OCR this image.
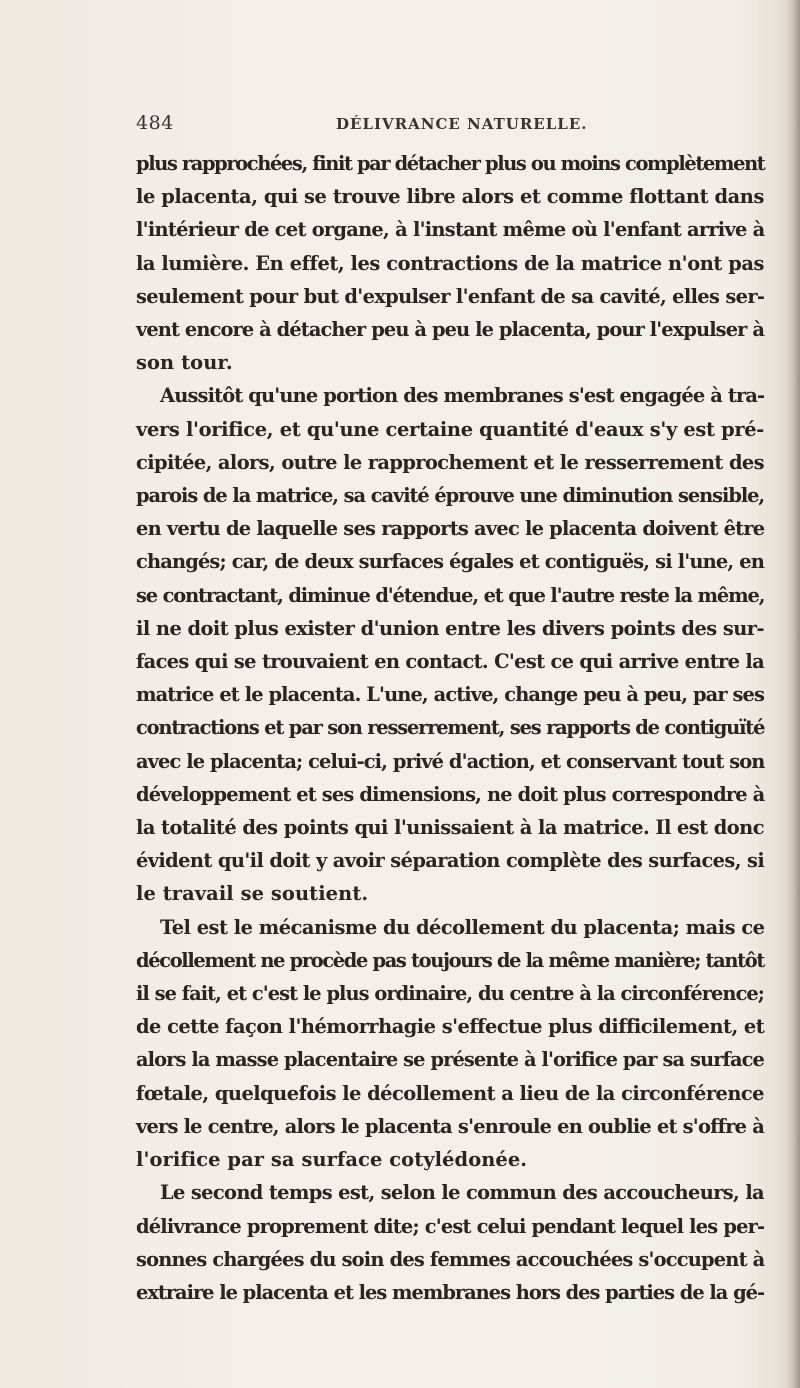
484	DÉLIVRANCE NATURELLE.
plus rapprochées, finit par détacher plus ou moins complètement
le placenta, qui se trouve libre alors et comme flottant dans
l'intérieur de cet organe, à l'instant même où l'enfant arrive à
la lumière. En effet, les contractions de la matrice n'ont pas
seulement pour but d'expulser l'enfant de sa cavité, elles ser-
vent encore à détacher peu à peu le placenta, pour l'expulser à
son tour.
Aussitôt qu'une portion des membranes s'est engagée à tra-
vers l'orifice, et qu'une certaine quantité d'eaux s'y est pré-
cipitée, alors, outre le rapprochement et le resserrement des
parois de la matrice, sa cavité éprouve une diminution sensible,
en vertu de laquelle ses rapports avec le placenta doivent être
changés; car, de deux surfaces égales et contiguës, si l'une, en
se contractant, diminue d'étendue, et que l'autre reste la même,
il ne doit plus exister d'union entre les divers points des sur-
faces qui se trouvaient en contact. C'est ce qui arrive entre la
matrice et le placenta. L'une, active, change peu à peu, par ses
contractions et par son resserrement, ses rapports de contiguïté
avec le placenta; celui-ci, privé d'action, et conservant tout son
développement et ses dimensions, ne doit plus correspondre à
la totalité des points qui l'unissaient à la matrice. Il est donc
évident qu'il doit y avoir séparation complète des surfaces, si
le travail se soutient.
Tel est le mécanisme du décollement du placenta; mais ce
décollement ne procède pas toujours de la même manière; tantôt
il se fait, et c'est le plus ordinaire, du centre à la circonférence;
de cette façon l'hémorrhagie s'effectue plus difficilement, et
alors la masse placentaire se présente à l'orifice par sa surface
fœtale, quelquefois le décollement a lieu de la circonférence
vers le centre, alors le placenta s'enroule en oublie et s'offre à
l'orifice par sa surface cotylédonée.
Le second temps est, selon le commun des accoucheurs, la
délivrance proprement dite; c'est celui pendant lequel les per-
sonnes chargées du soin des femmes accouchées s'occupent à
extraire le placenta et les membranes hors des parties de la gé-
